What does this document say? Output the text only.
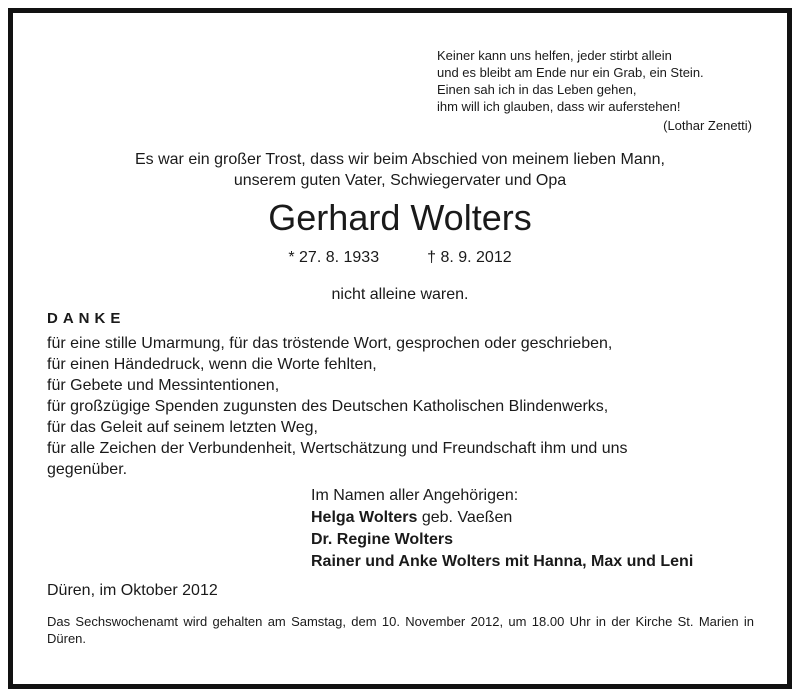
Keiner kann uns helfen, jeder stirbt allein
und es bleibt am Ende nur ein Grab, ein Stein.
Einen sah ich in das Leben gehen,
ihm will ich glauben, dass wir auferstehen!
(Lothar Zenetti)
Es war ein großer Trost, dass wir beim Abschied von meinem lieben Mann,
unserem guten Vater, Schwiegervater und Opa
Gerhard Wolters
* 27. 8. 1933	† 8. 9. 2012
nicht alleine waren.
DANKE
für eine stille Umarmung, für das tröstende Wort, gesprochen oder geschrieben,
für einen Händedruck, wenn die Worte fehlten,
für Gebete und Messintentionen,
für großzügige Spenden zugunsten des Deutschen Katholischen Blindenwerks,
für das Geleit auf seinem letzten Weg,
für alle Zeichen der Verbundenheit, Wertschätzung und Freundschaft ihm und uns
gegenüber.
Im Namen aller Angehörigen:
Helga Wolters geb. Vaeßen
Dr. Regine Wolters
Rainer und Anke Wolters mit Hanna, Max und Leni
Düren, im Oktober 2012
Das Sechswochenamt wird gehalten am Samstag, dem 10. November 2012, um 18.00 Uhr in der Kirche St. Marien in Düren.
